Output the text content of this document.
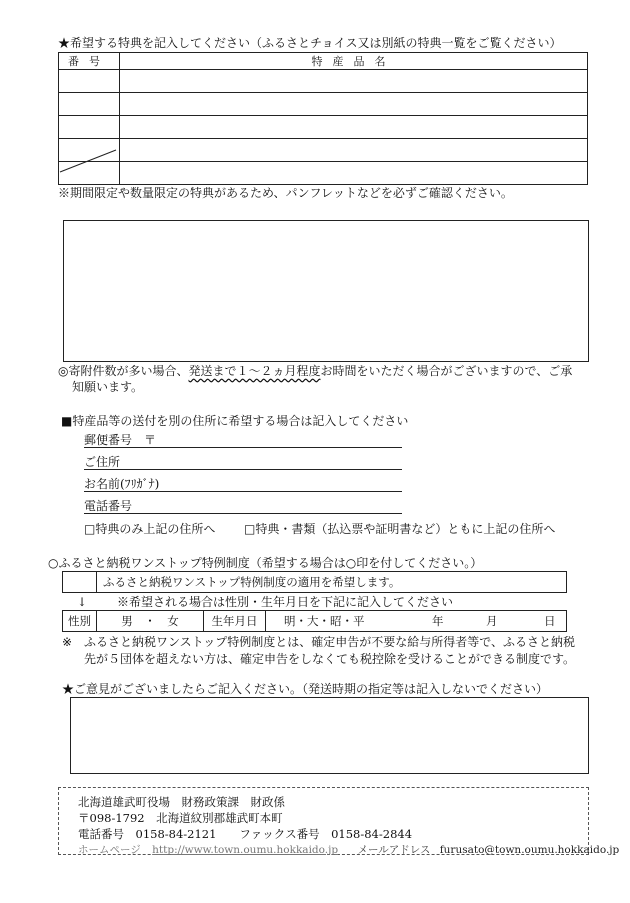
★希望する特典を記入してください（ふるさとチョイス又は別紙の特典一覧をご覧ください）
番号	特産品名

※期間限定や数量限定の特典があるため、パンフレットなどを必ずご確認ください。
◎寄附件数が多い場合、発送まで１～２ヵ月程度お時間をいただく場合がございますので、ご承
知願います。
■特産品等の送付を別の住所に希望する場合は記入してください
郵便番号　〒
ご住所
お名前(ﾌﾘｶﾞﾅ)
電話番号
□特典のみ上記の住所へ □特典・書類（払込票や証明書など）ともに上記の住所へ
○ふるさと納税ワンストップ特例制度（希望する場合は○印を付してください。）
ふるさと納税ワンストップ特例制度の適用を希望します。
↓ ※希望される場合は性別・生年月日を下記に記入してください
性別	男　・　女	生年月日 明・大・昭・平	年	月	日
※ ふるさと納税ワンストップ特例制度とは、確定申告が不要な給与所得者等で、ふるさと納税
先が５団体を超えない方は、確定申告をしなくても税控除を受けることができる制度です。
★ご意見がございましたらご記入ください。（発送時期の指定等は記入しないでください）
北海道雄武町役場　財務政策課　財政係
〒098-1792　北海道紋別郡雄武町本町
電話番号　0158‐84‐2121　　ファックス番号　0158‐84‐2844
ホームページ http://www.town.oumu.hokkaido.jp メールアドレス furusato@town.oumu.hokkaido.jp
